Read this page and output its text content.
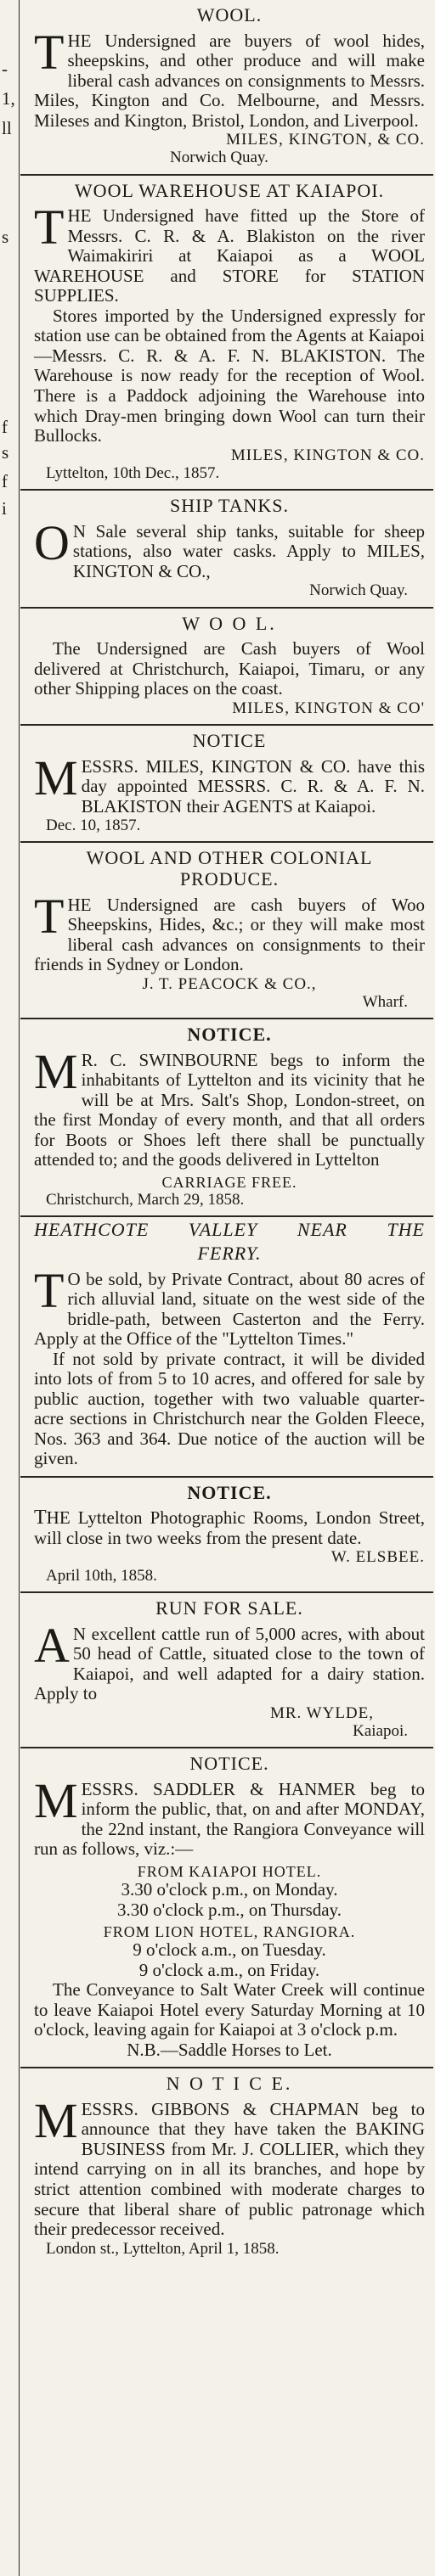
-
1,
ll
s
f
s
f
i
WOOL.

THE Undersigned are buyers of wool hides, sheepskins, and other produce and will make liberal cash advances on consignments to Messrs. Miles, Kington and Co. Melbourne, and Messrs. Mileses and Kington, Bristol, London, and Liverpool.

MILES, KINGTON, & CO.
Norwich Quay.
WOOL WAREHOUSE AT KAIAPOI.

THE Undersigned have fitted up the Store of Messrs. C. R. & A. Blakiston on the river Waimakiriri at Kaiapoi as a WOOL WAREHOUSE and STORE for STATION SUPPLIES.

Stores imported by the Undersigned expressly for station use can be obtained from the Agents at Kaiapoi—Messrs. C. R. & A. F. N. BLAKISTON. The Warehouse is now ready for the reception of Wool. There is a Paddock adjoining the Warehouse into which Dray-men bringing down Wool can turn their Bullocks.

MILES, KINGTON & CO.
Lyttelton, 10th Dec., 1857.
SHIP TANKS.

O N Sale several ship tanks, suitable for sheep stations, also water casks. Apply to MILES, KINGTON & CO.,

Norwich Quay.
W O O L.

The Undersigned are Cash buyers of Wool delivered at Christchurch, Kaiapoi, Timaru, or any other Shipping places on the coast.

MILES, KINGTON & CO'
NOTICE

MESSRS. MILES, KINGTON & CO. have this day appointed MESSRS. C. R. & A. F. N. BLAKISTON their AGENTS at Kaiapoi.

Dec. 10, 1857.
WOOL AND OTHER COLONIAL
PRODUCE.

THE Undersigned are cash buyers of Woo Sheepskins, Hides, &c.; or they will make most liberal cash advances on consignments to their friends in Sydney or London.

J. T. PEACOCK & CO.,
Wharf.
NOTICE.

M R. C. SWINBOURNE begs to inform the inhabitants of Lyttelton and its vicinity that he will be at Mrs. Salt's Shop, London-street, on the first Monday of every month, and that all orders for Boots or Shoes left there shall be punctually attended to; and the goods delivered in Lyttelton

CARRIAGE FREE.
Christchurch, March 29, 1858.
HEATHCOTE VALLEY NEAR THE
FERRY.

T O be sold, by Private Contract, about 80 acres of rich alluvial land, situate on the west side of the bridle-path, between Casterton and the Ferry. Apply at the Office of the "Lyttelton Times."

If not sold by private contract, it will be divided into lots of from 5 to 10 acres, and offered for sale by public auction, together with two valuable quarter-acre sections in Christchurch near the Golden Fleece, Nos. 363 and 364. Due notice of the auction will be given.

NOTICE.

T HE Lyttelton Photographic Rooms, London Street, will close in two weeks from the present date.

W. ELSBEE.
April 10th, 1858.
RUN FOR SALE.

A N excellent cattle run of 5,000 acres, with about 50 head of Cattle, situated close to the town of Kaiapoi, and well adapted for a dairy station. Apply to

MR. WYLDE,
Kaiapoi.
NOTICE.

MESSRS. SADDLER & HANMER beg to inform the public, that, on and after MONDAY, the 22nd instant, the Rangiora Conveyance will run as follows, viz.:—

FROM KAIAPOI HOTEL.
3.30 o'clock p.m., on Monday.
3.30 o'clock p.m., on Thursday.
FROM LION HOTEL, RANGIORA.
9 o'clock a.m., on Tuesday.
9 o'clock a.m., on Friday.

The Conveyance to Salt Water Creek will continue to leave Kaiapoi Hotel every Saturday Morning at 10 o'clock, leaving again for Kaiapoi at 3 o'clock p.m.

N.B.—Saddle Horses to Let.
N O T I C E.

MESSRS. GIBBONS & CHAPMAN beg to announce that they have taken the BAKING BUSINESS from Mr. J. COLLIER, which they intend carrying on in all its branches, and hope by strict attention combined with moderate charges to secure that liberal share of public patronage which their predecessor received.

London st., Lyttelton, April 1, 1858.
